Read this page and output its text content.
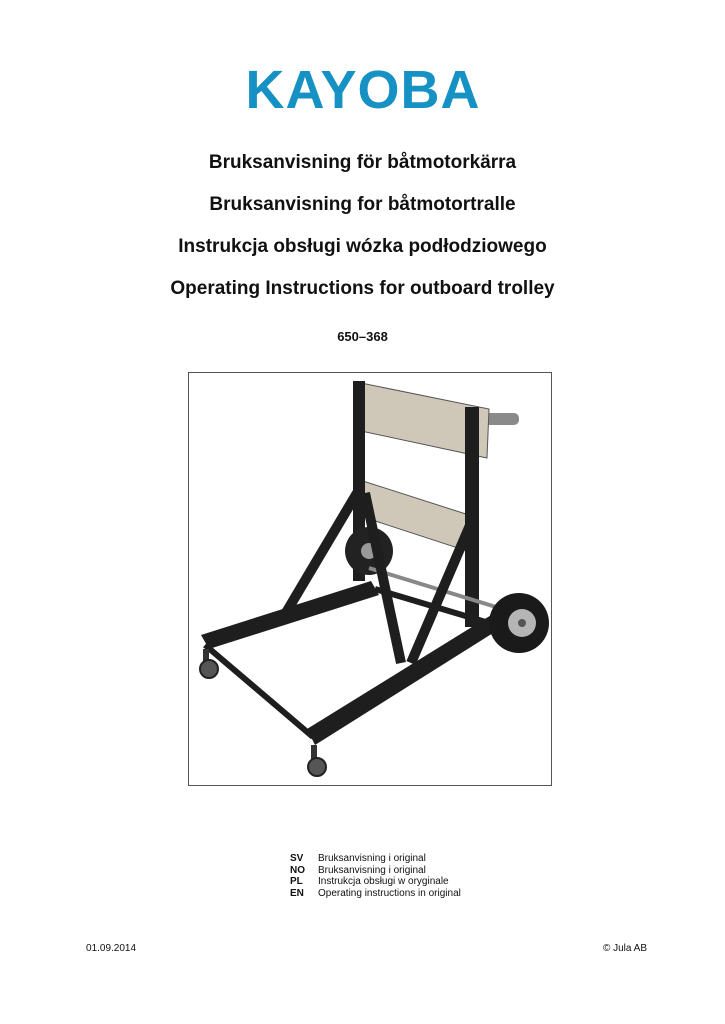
KAYOBA
Bruksanvisning för båtmotorkärra
Bruksanvisning for båtmotortralle
Instrukcja obsługi wózka podłodziowego
Operating Instructions for outboard trolley
650–368
SV	Bruksanvisning i original
NO	Bruksanvisning i original
PL	Instrukcja obsługi w oryginale
EN	Operating instructions in original
01.09.2014	© Jula AB
